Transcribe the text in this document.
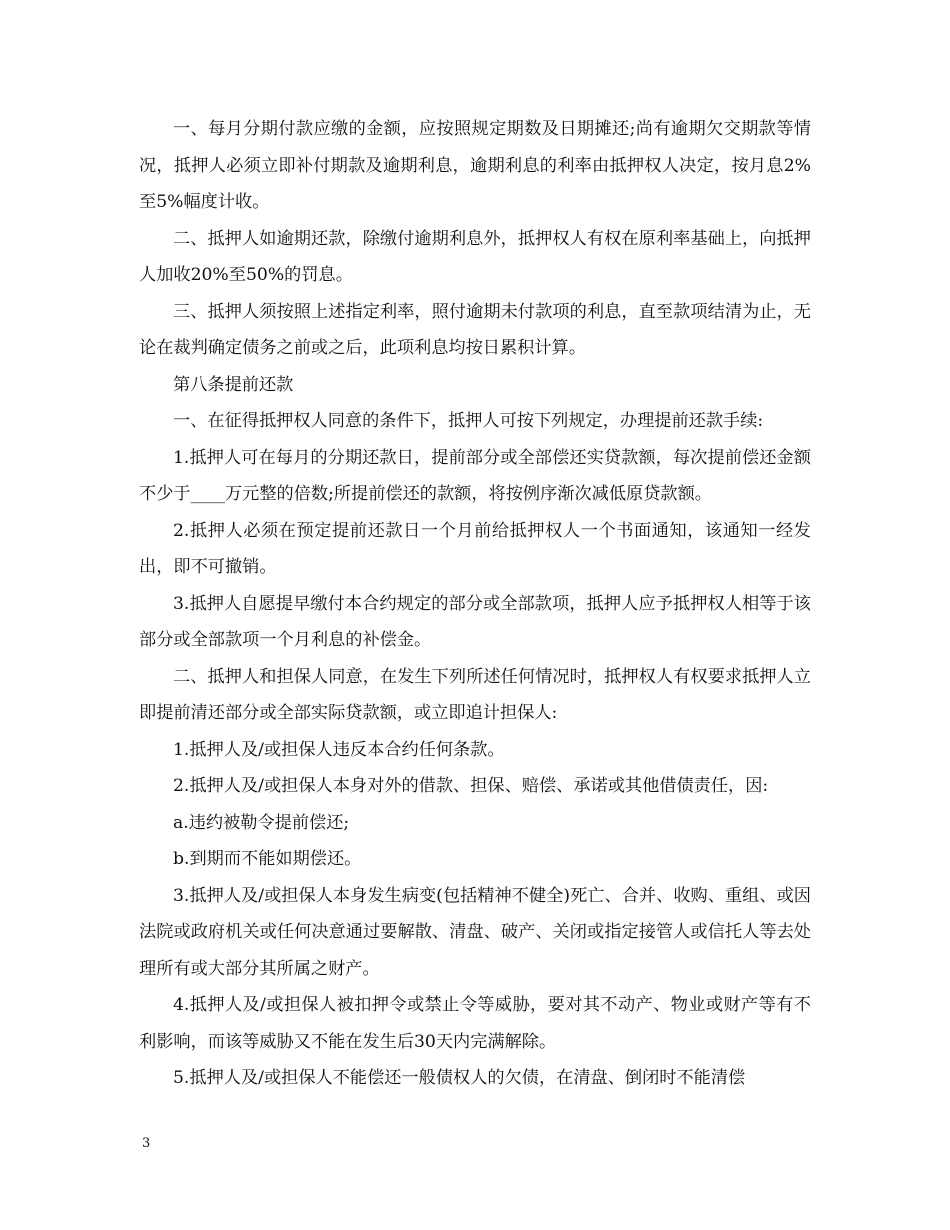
一、每月分期付款应缴的金额，应按照规定期数及日期摊还;尚有逾期欠交期款等情况，抵押人必须立即补付期款及逾期利息，逾期利息的利率由抵押权人决定，按月息2%至5%幅度计收。

二、抵押人如逾期还款，除缴付逾期利息外，抵押权人有权在原利率基础上，向抵押人加收20%至50%的罚息。

三、抵押人须按照上述指定利率，照付逾期未付款项的利息，直至款项结清为止，无论在裁判确定债务之前或之后，此项利息均按日累积计算。

第八条提前还款

一、在征得抵押权人同意的条件下，抵押人可按下列规定，办理提前还款手续:

1.抵押人可在每月的分期还款日，提前部分或全部偿还实贷款额，每次提前偿还金额不少于____万元整的倍数;所提前偿还的款额，将按例序渐次减低原贷款额。

2.抵押人必须在预定提前还款日一个月前给抵押权人一个书面通知，该通知一经发出，即不可撤销。

3.抵押人自愿提早缴付本合约规定的部分或全部款项，抵押人应予抵押权人相等于该部分或全部款项一个月利息的补偿金。

二、抵押人和担保人同意，在发生下列所述任何情况时，抵押权人有权要求抵押人立即提前清还部分或全部实际贷款额，或立即追计担保人:

1.抵押人及/或担保人违反本合约任何条款。

2.抵押人及/或担保人本身对外的借款、担保、赔偿、承诺或其他借债责任，因:

a.违约被勒令提前偿还;

b.到期而不能如期偿还。

3.抵押人及/或担保人本身发生病变(包括精神不健全)死亡、合并、收购、重组、或因法院或政府机关或任何决意通过要解散、清盘、破产、关闭或指定接管人或信托人等去处理所有或大部分其所属之财产。

4.抵押人及/或担保人被扣押令或禁止令等威胁，要对其不动产、物业或财产等有不利影响，而该等威胁又不能在发生后30天内完满解除。

5.抵押人及/或担保人不能偿还一般债权人的欠债，在清盘、倒闭时不能清偿

3
